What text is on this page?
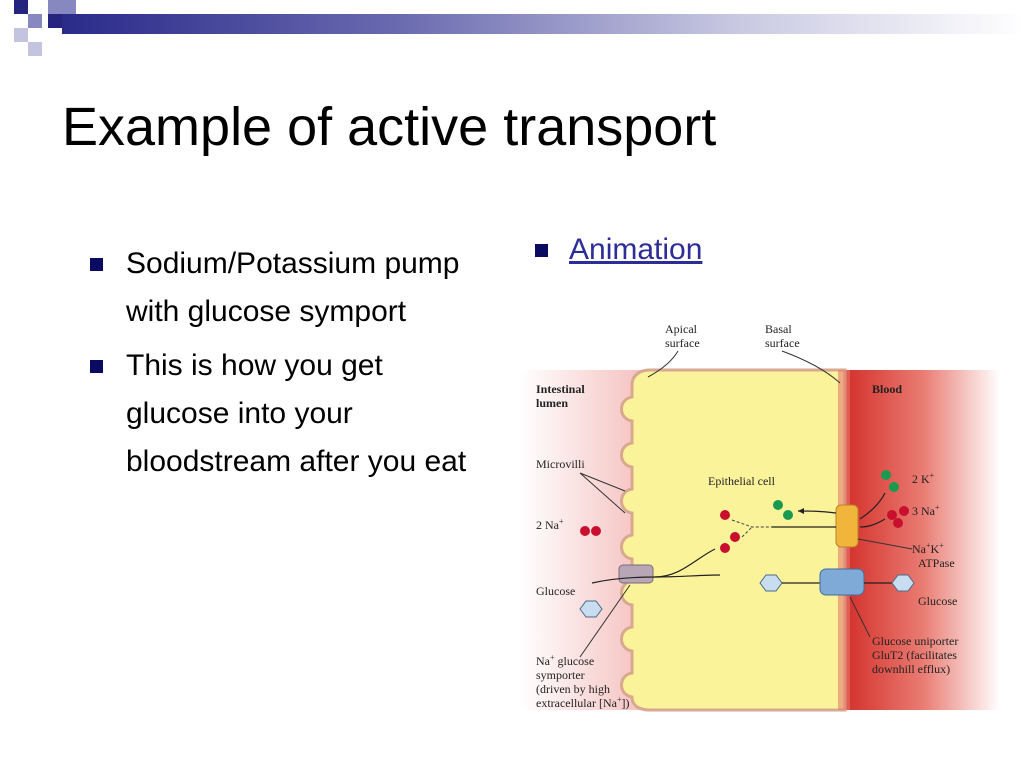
Example of active transport
Sodium/Potassium pump with glucose symport
This is how you get glucose into your bloodstream after you eat
Animation
Apical
surface
Basal
surface
Intestinal
lumen
Blood
Microvilli
Epithelial cell
2 Na+
2 K+
3 Na+
Na+K+
ATPase
Glucose
Glucose
Glucose uniporter
GluT2 (facilitates
downhill efflux)
Na+ glucose
symporter
(driven by high
extracellular [Na+])
